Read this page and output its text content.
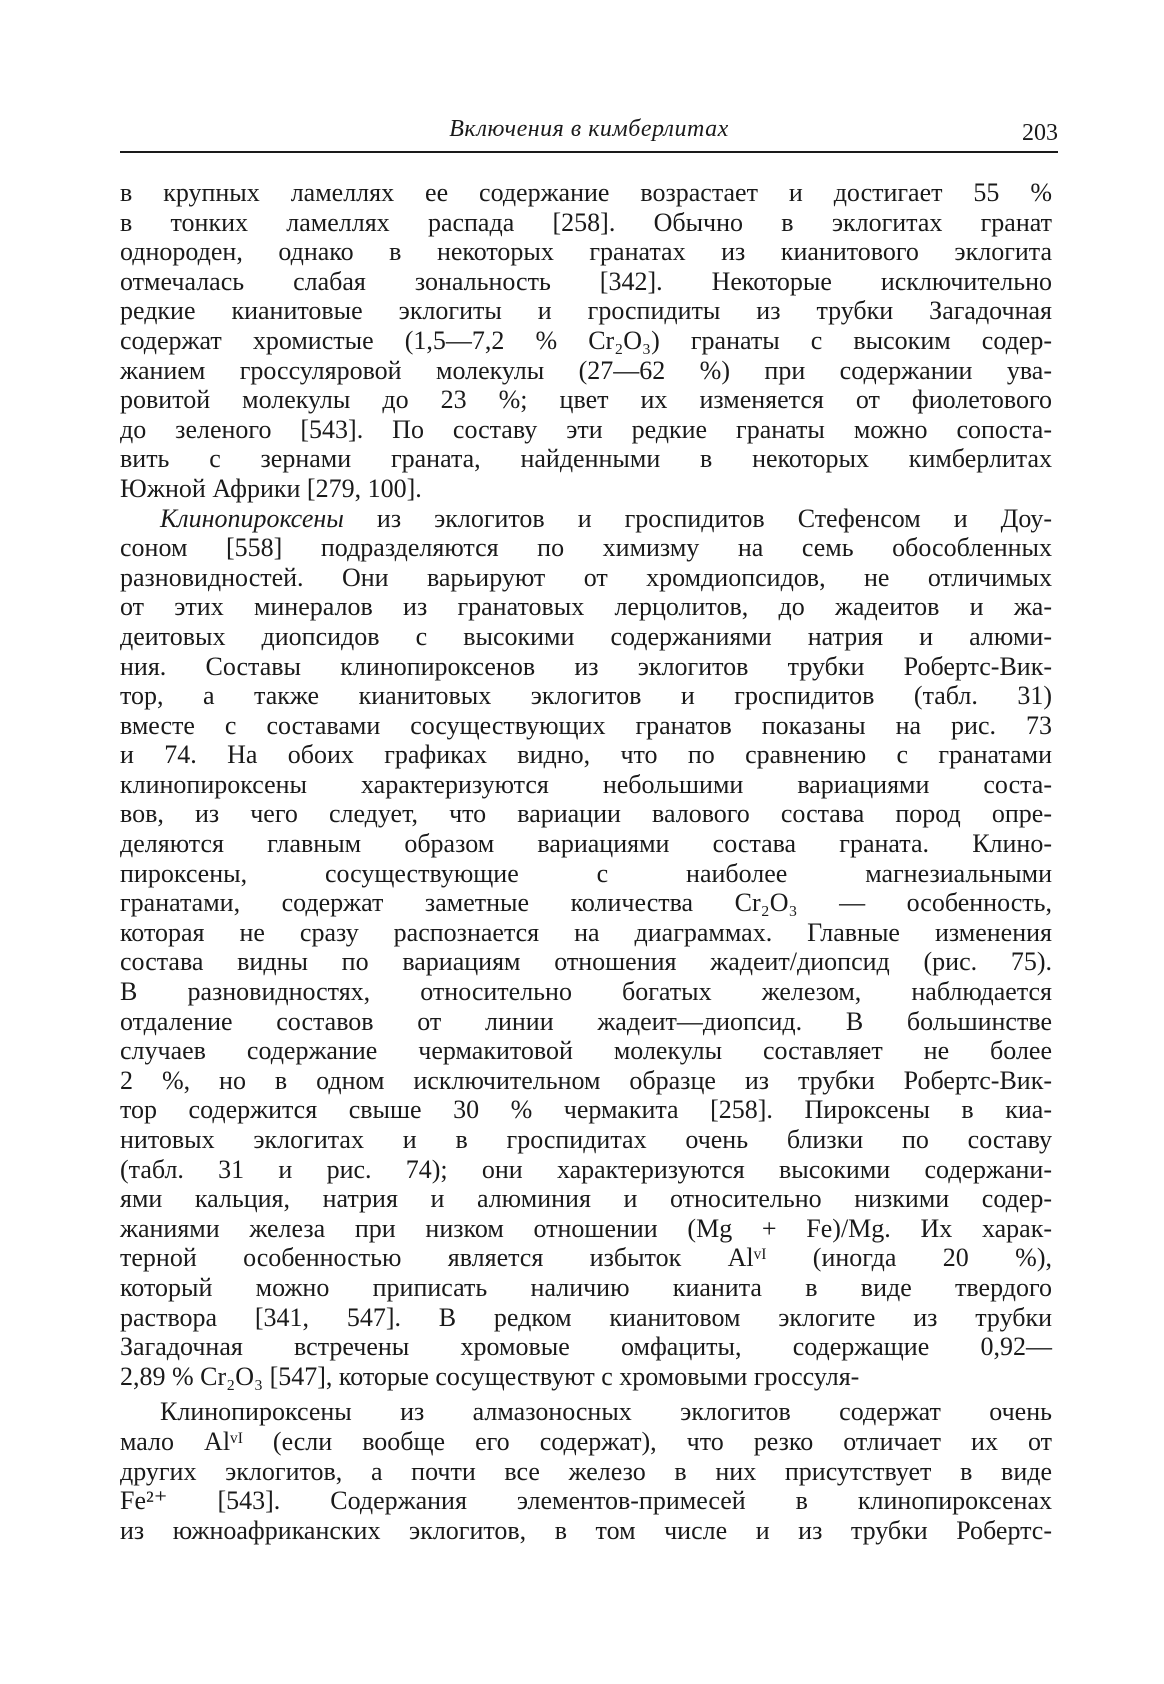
Включения в кимберлитах	203
в крупных ламеллях ее содержание возрастает и достигает 55 %
в тонких ламеллях распада [258]. Обычно в эклогитах гранат
однороден, однако в некоторых гранатах из кианитового эклогита
отмечалась слабая зональность [342]. Некоторые исключительно
редкие кианитовые эклогиты и гроспидиты из трубки Загадочная
содержат хромистые (1,5—7,2 % Cr₂O₃) гранаты с высоким содер-
жанием гроссуляровой молекулы (27—62 %) при содержании ува-
ровитой молекулы до 23 %; цвет их изменяется от фиолетового
до зеленого [543]. По составу эти редкие гранаты можно сопоста-
вить с зернами граната, найденными в некоторых кимберлитах
Южной Африки [279, 100].
Клинопироксены из эклогитов и гроспидитов Стефенсом и Доу-
соном [558] подразделяются по химизму на семь обособленных
разновидностей. Они варьируют от хромдиопсидов, не отличимых
от этих минералов из гранатовых лерцолитов, до жадеитов и жа-
деитовых диопсидов с высокими содержаниями натрия и алюми-
ния. Составы клинопироксенов из эклогитов трубки Робертс-Вик-
тор, а также кианитовых эклогитов и гроспидитов (табл. 31)
вместе с составами сосуществующих гранатов показаны на рис. 73
и 74. На обоих графиках видно, что по сравнению с гранатами
клинопироксены характеризуются небольшими вариациями соста-
вов, из чего следует, что вариации валового состава пород опре-
деляются главным образом вариациями состава граната. Клино-
пироксены, сосуществующие с наиболее магнезиальными
гранатами, содержат заметные количества Cr₂O₃ — особенность,
которая не сразу распознается на диаграммах. Главные изменения
состава видны по вариациям отношения жадеит/диопсид (рис. 75).
В разновидностях, относительно богатых железом, наблюдается
отдаление составов от линии жадеит—диопсид. В большинстве
случаев содержание чермакитовой молекулы составляет не более
2 %, но в одном исключительном образце из трубки Робертс-Вик-
тор содержится свыше 30 % чермакита [258]. Пироксены в киа-
нитовых эклогитах и в гроспидитах очень близки по составу
(табл. 31 и рис. 74); они характеризуются высокими содержани-
ями кальция, натрия и алюминия и относительно низкими содер-
жаниями железа при низком отношении (Mg + Fe)/Mg. Их харак-
терной особенностью является избыток Alᵛᴵ (иногда 20 %),
который можно приписать наличию кианита в виде твердого
раствора [341, 547]. В редком кианитовом эклогите из трубки
Загадочная встречены хромовые омфациты, содержащие 0,92—
2,89 % Cr₂O₃ [547], которые сосуществуют с хромовыми гроссуля-
Клинопироксены из алмазоносных эклогитов содержат очень
мало Alᵛᴵ (если вообще его содержат), что резко отличает их от
других эклогитов, а почти все железо в них присутствует в виде
Fe²⁺ [543]. Содержания элементов-примесей в клинопироксенах
из южноафриканских эклогитов, в том числе и из трубки Робертс-
